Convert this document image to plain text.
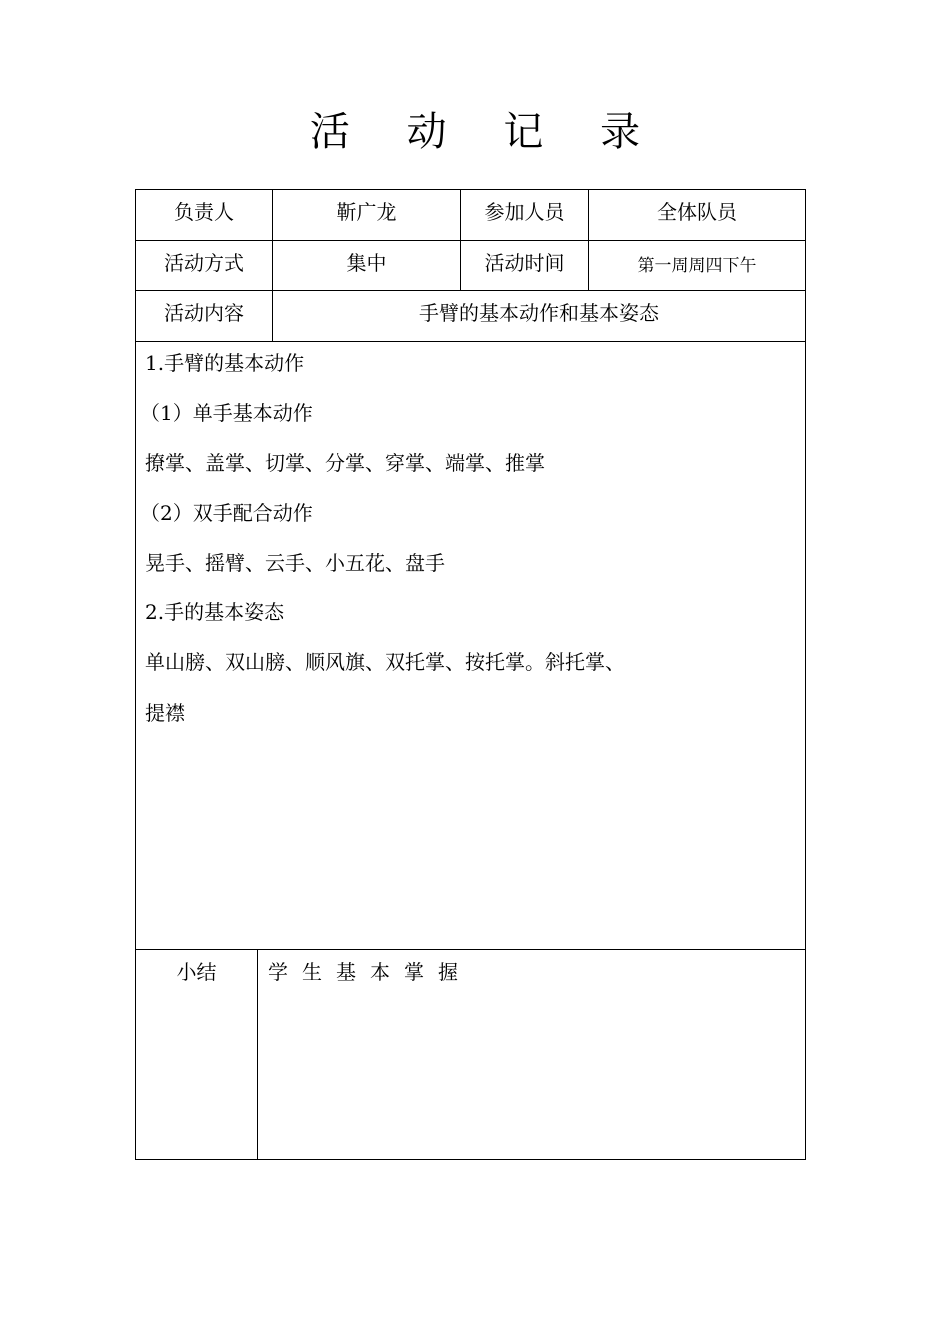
活 动 记 录
负责人	靳广龙	参加人员	全体队员
活动方式	集中	活动时间	第一周周四下午
活动内容	手臂的基本动作和基本姿态
1.手臂的基本动作
（1）单手基本动作
撩掌、盖掌、切掌、分掌、穿掌、端掌、推掌
（2）双手配合动作
晃手、摇臂、云手、小五花、盘手
2.手的基本姿态
单山膀、双山膀、顺风旗、双托掌、按托掌。斜托掌、
提襟
小结	学生基本掌握
